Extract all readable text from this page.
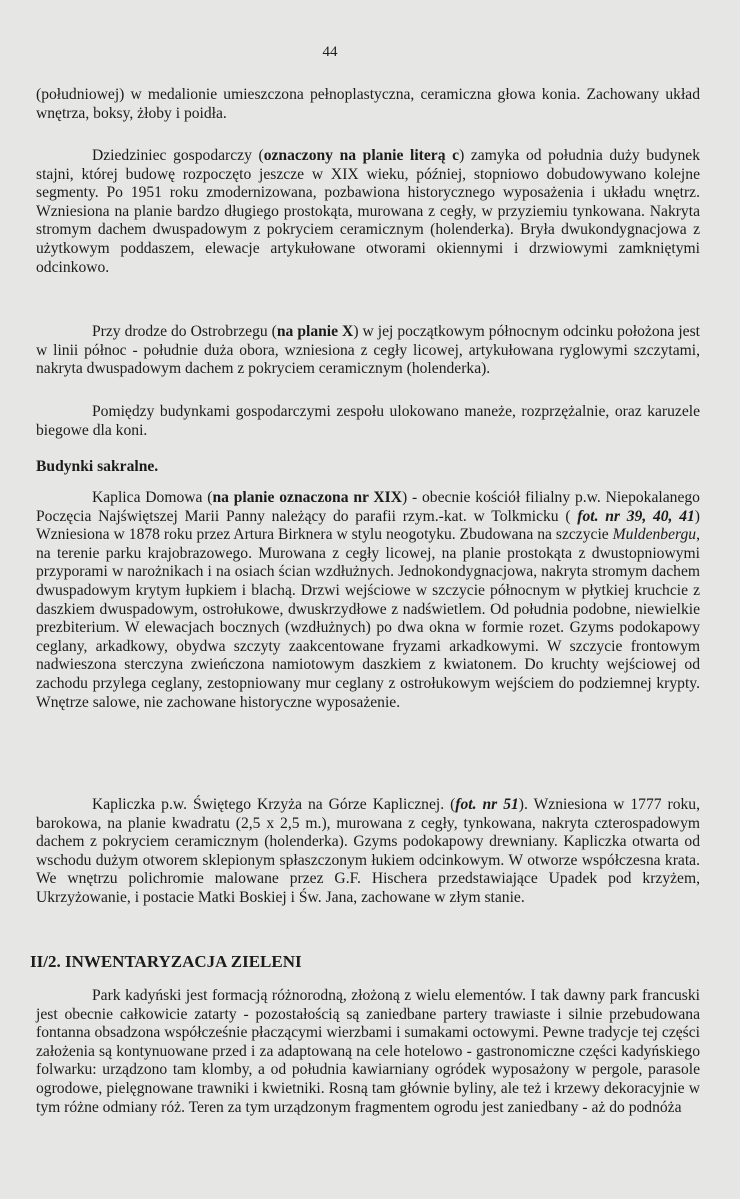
44
(południowej) w medalionie umieszczona pełnoplastyczna, ceramiczna głowa konia. Zachowany układ wnętrza, boksy, żłoby i poidła.
Dziedziniec gospodarczy (oznaczony na planie literą c) zamyka od południa duży budynek stajni, której budowę rozpoczęto jeszcze w XIX wieku, później, stopniowo dobudowywano kolejne segmenty. Po 1951 roku zmodernizowana, pozbawiona historycznego wyposażenia i układu wnętrz. Wzniesiona na planie bardzo długiego prostokąta, murowana z cegły, w przyziemiu tynkowana. Nakryta stromym dachem dwuspadowym z pokryciem ceramicznym (holenderka). Bryła dwukondygnacjowa z użytkowym poddaszem, elewacje artykułowane otworami okiennymi i drzwiowymi zamkniętymi odcinkowo.
Przy drodze do Ostrobrzegu (na planie X) w jej początkowym północnym odcinku położona jest w linii północ - południe duża obora, wzniesiona z cegły licowej, artykułowana ryglowymi szczytami, nakryta dwuspadowym dachem z pokryciem ceramicznym (holenderka).
Pomiędzy budynkami gospodarczymi zespołu ulokowano maneże, rozprzężalnie, oraz karuzele biegowe dla koni.
Budynki sakralne.
Kaplica Domowa (na planie oznaczona nr XIX) - obecnie kościół filialny p.w. Niepokalanego Poczęcia Najświętszej Marii Panny należący do parafii rzym.-kat. w Tolkmicku ( fot. nr 39, 40, 41) Wzniesiona w 1878 roku przez Artura Birknera w stylu neogotyku. Zbudowana na szczycie Muldenbergu, na terenie parku krajobrazowego. Murowana z cegły licowej, na planie prostokąta z dwustopniowymi przyporami w narożnikach i na osiach ścian wzdłużnych. Jednokondygnacjowa, nakryta stromym dachem dwuspadowym krytym łupkiem i blachą. Drzwi wejściowe w szczycie północnym w płytkiej kruchcie z daszkiem dwuspadowym, ostrołukowe, dwuskrzydłowe z nadświetlem. Od południa podobne, niewielkie prezbiterium. W elewacjach bocznych (wzdłużnych) po dwa okna w formie rozet. Gzyms podokapowy ceglany, arkadkowy, obydwa szczyty zaakcentowane fryzami arkadkowymi. W szczycie frontowym nadwieszona sterczyna zwieńczona namiotowym daszkiem z kwiatonem. Do kruchty wejściowej od zachodu przylega ceglany, zestopniowany mur ceglany z ostrołukowym wejściem do podziemnej krypty. Wnętrze salowe, nie zachowane historyczne wyposażenie.
Kapliczka p.w. Świętego Krzyża na Górze Kaplicznej. (fot. nr 51). Wzniesiona w 1777 roku, barokowa, na planie kwadratu (2,5 x 2,5 m.), murowana z cegły, tynkowana, nakryta czterospadowym dachem z pokryciem ceramicznym (holenderka). Gzyms podokapowy drewniany. Kapliczka otwarta od wschodu dużym otworem sklepionym spłaszczonym łukiem odcinkowym. W otworze współczesna krata. We wnętrzu polichromie malowane przez G.F. Hischera przedstawiające Upadek pod krzyżem, Ukrzyżowanie, i postacie Matki Boskiej i Św. Jana, zachowane w złym stanie.
II/2. INWENTARYZACJA ZIELENI
Park kadyński jest formacją różnorodną, złożoną z wielu elementów. I tak dawny park francuski jest obecnie całkowicie zatarty - pozostałością są zaniedbane partery trawiaste i silnie przebudowana fontanna obsadzona współcześnie płaczącymi wierzbami i sumakami octowymi. Pewne tradycje tej części założenia są kontynuowane przed i za adaptowaną na cele hotelowo - gastronomiczne części kadyńskiego folwarku: urządzono tam klomby, a od południa kawiarniany ogródek wyposażony w pergole, parasole ogrodowe, pielęgnowane trawniki i kwietniki. Rosną tam głównie byliny, ale też i krzewy dekoracyjnie w tym różne odmiany róż. Teren za tym urządzonym fragmentem ogrodu jest zaniedbany - aż do podnóża
